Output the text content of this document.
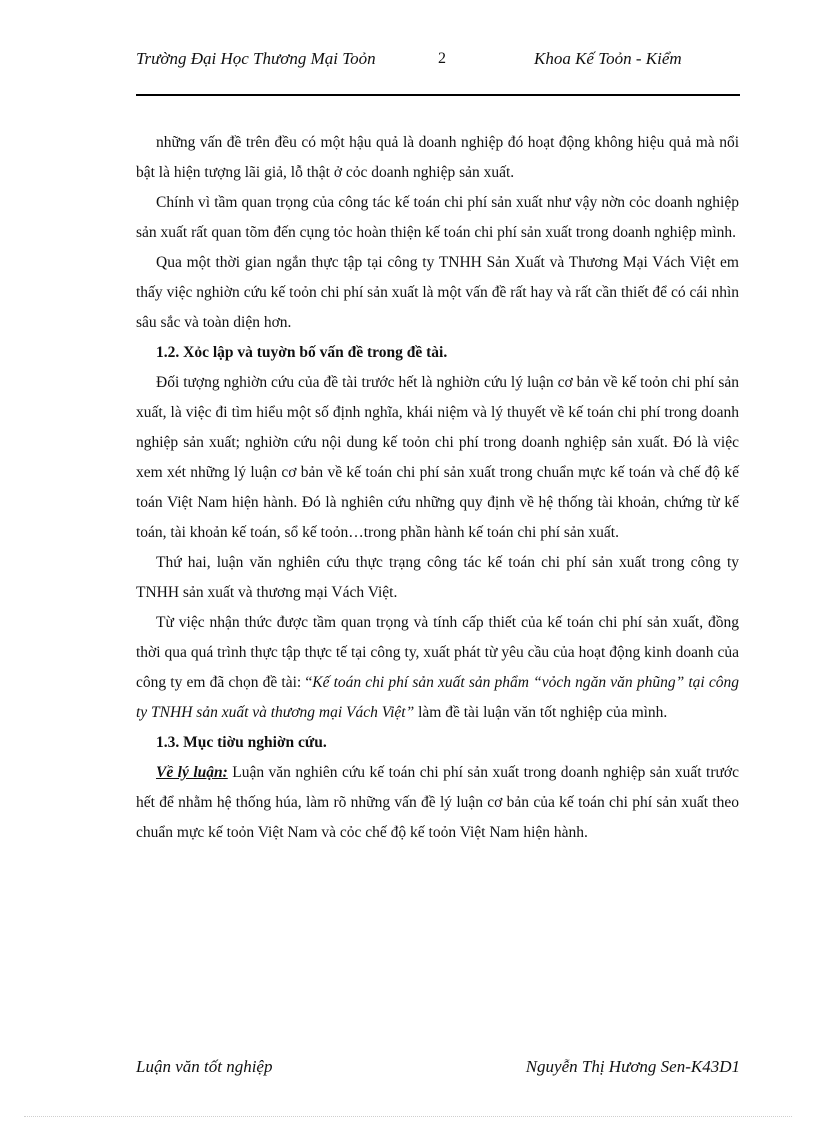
Trường Đại Học Thương Mại Toỏn	2	Khoa Kế Toỏn - Kiểm

những vấn đề trên đều có một hậu quả là doanh nghiệp đó hoạt động không hiệu quả mà nổi bật là hiện tượng lãi giả, lỗ thật ở cỏc doanh nghiệp sản xuất.

Chính vì tầm quan trọng của công tác kế toán chi phí sản xuất như vậy nờn cỏc doanh nghiệp sản xuất rất quan tõm đến cụng tỏc hoàn thiện kế toán chi phí sản xuất trong doanh nghiệp mình.

Qua một thời gian ngắn thực tập tại công ty TNHH Sản Xuất và Thương Mại Vách Việt em thấy việc nghiờn cứu kế toỏn chi phí sản xuất là một vấn đề rất hay và rất cần thiết để có cái nhìn sâu sắc và toàn diện hơn.

1.2. Xỏc lập và tuyờn bố vấn đề trong đề tài.

Đối tượng nghiờn cứu của đề tài trước hết là nghiờn cứu lý luận cơ bản về kế toỏn chi phí sản xuất, là việc đi tìm hiểu một số định nghĩa, khái niệm và lý thuyết về kế toán chi phí trong doanh nghiệp sản xuất; nghiờn cứu nội dung kế toỏn chi phí trong doanh nghiệp sản xuất. Đó là việc xem xét những lý luận cơ bản về kế toán chi phí sản xuất trong chuẩn mực kế toán và chế độ kế toán Việt Nam hiện hành. Đó là nghiên cứu những quy định về hệ thống tài khoản, chứng từ kế toán, tài khoản kế toán, sổ kế toỏn…trong phần hành kế toán chi phí sản xuất.

Thứ hai, luận văn nghiên cứu thực trạng công tác kế toán chi phí sản xuất trong công ty TNHH sản xuất và thương mại Vách Việt.

Từ việc nhận thức được tầm quan trọng và tính cấp thiết của kế toán chi phí sản xuất, đồng thời qua quá trình thực tập thực tế tại công ty, xuất phát từ yêu cầu của hoạt động kinh doanh của công ty em đã chọn đề tài: “Kế toán chi phí sản xuất sản phẩm “vỏch ngăn văn phũng” tại công ty TNHH sản xuất và thương mại Vách Việt” làm đề tài luận văn tốt nghiệp của mình.

1.3. Mục tiờu nghiờn cứu.

Về lý luận: Luận văn nghiên cứu kế toán chi phí sản xuất trong doanh nghiệp sản xuất trước hết để nhằm hệ thống húa, làm rõ những vấn đề lý luận cơ bản của kế toán chi phí sản xuất theo chuẩn mực kế toỏn Việt Nam và cỏc chế độ kế toỏn Việt Nam hiện hành.

Luận văn tốt nghiệp	Nguyễn Thị Hương Sen-K43D1
